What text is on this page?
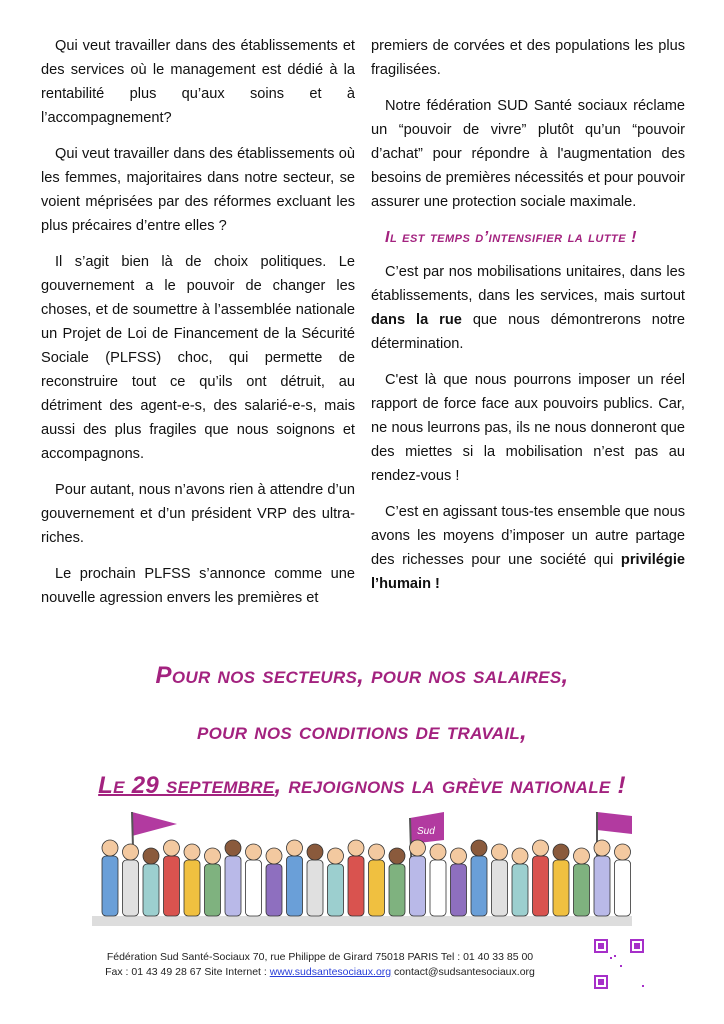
Qui veut travailler dans des établissements et des services où le management est dédié à la rentabilité plus qu’aux soins et à l’accompagnement?

Qui veut travailler dans des établissements où les femmes, majoritaires dans notre secteur, se voient méprisées par des réformes excluant les plus précaires d’entre elles ?

Il s’agit bien là de choix politiques. Le gouvernement a le pouvoir de changer les choses, et de soumettre à l’assemblée nationale un Projet de Loi de Financement de la Sécurité Sociale (PLFSS) choc, qui permette de reconstruire tout ce qu’ils ont détruit, au détriment des agent-e-s, des salarié-e-s, mais aussi des plus fragiles que nous soignons et accompagnons.

Pour autant, nous n’avons rien à attendre d’un gouvernement et d’un président VRP des ultra-riches.

Le prochain PLFSS s’annonce comme une nouvelle agression envers les premières et

premiers de corvées et des populations les plus fragilisées.

Notre fédération SUD Santé sociaux réclame un “pouvoir de vivre” plutôt qu’un “pouvoir d’achat” pour répondre à l'augmentation des besoins de premières nécessités et pour pouvoir assurer une protection sociale maximale.

Il est temps d’intensifier la lutte !

C’est par nos mobilisations unitaires, dans les établissements, dans les services, mais surtout dans la rue que nous démontrerons notre détermination.

C'est là que nous pourrons imposer un réel rapport de force face aux pouvoirs publics. Car, ne nous leurrons pas, ils ne nous donneront que des miettes si la mobilisation n’est pas au rendez-vous !

C’est en agissant tous-tes ensemble que nous avons les moyens d’imposer un autre partage des richesses pour une société qui privilégie l’humain !

Pour nos secteurs, pour nos salaires,
pour nos conditions de travail,
Le 29 septembre, rejoignons la grève nationale !
Sud
Fédération Sud Santé-Sociaux 70, rue Philippe de Girard 75018 PARIS Tel : 01 40 33 85 00
Fax : 01 43 49 28 67 Site Internet : www.sudsantesociaux.org contact@sudsantesociaux.org
